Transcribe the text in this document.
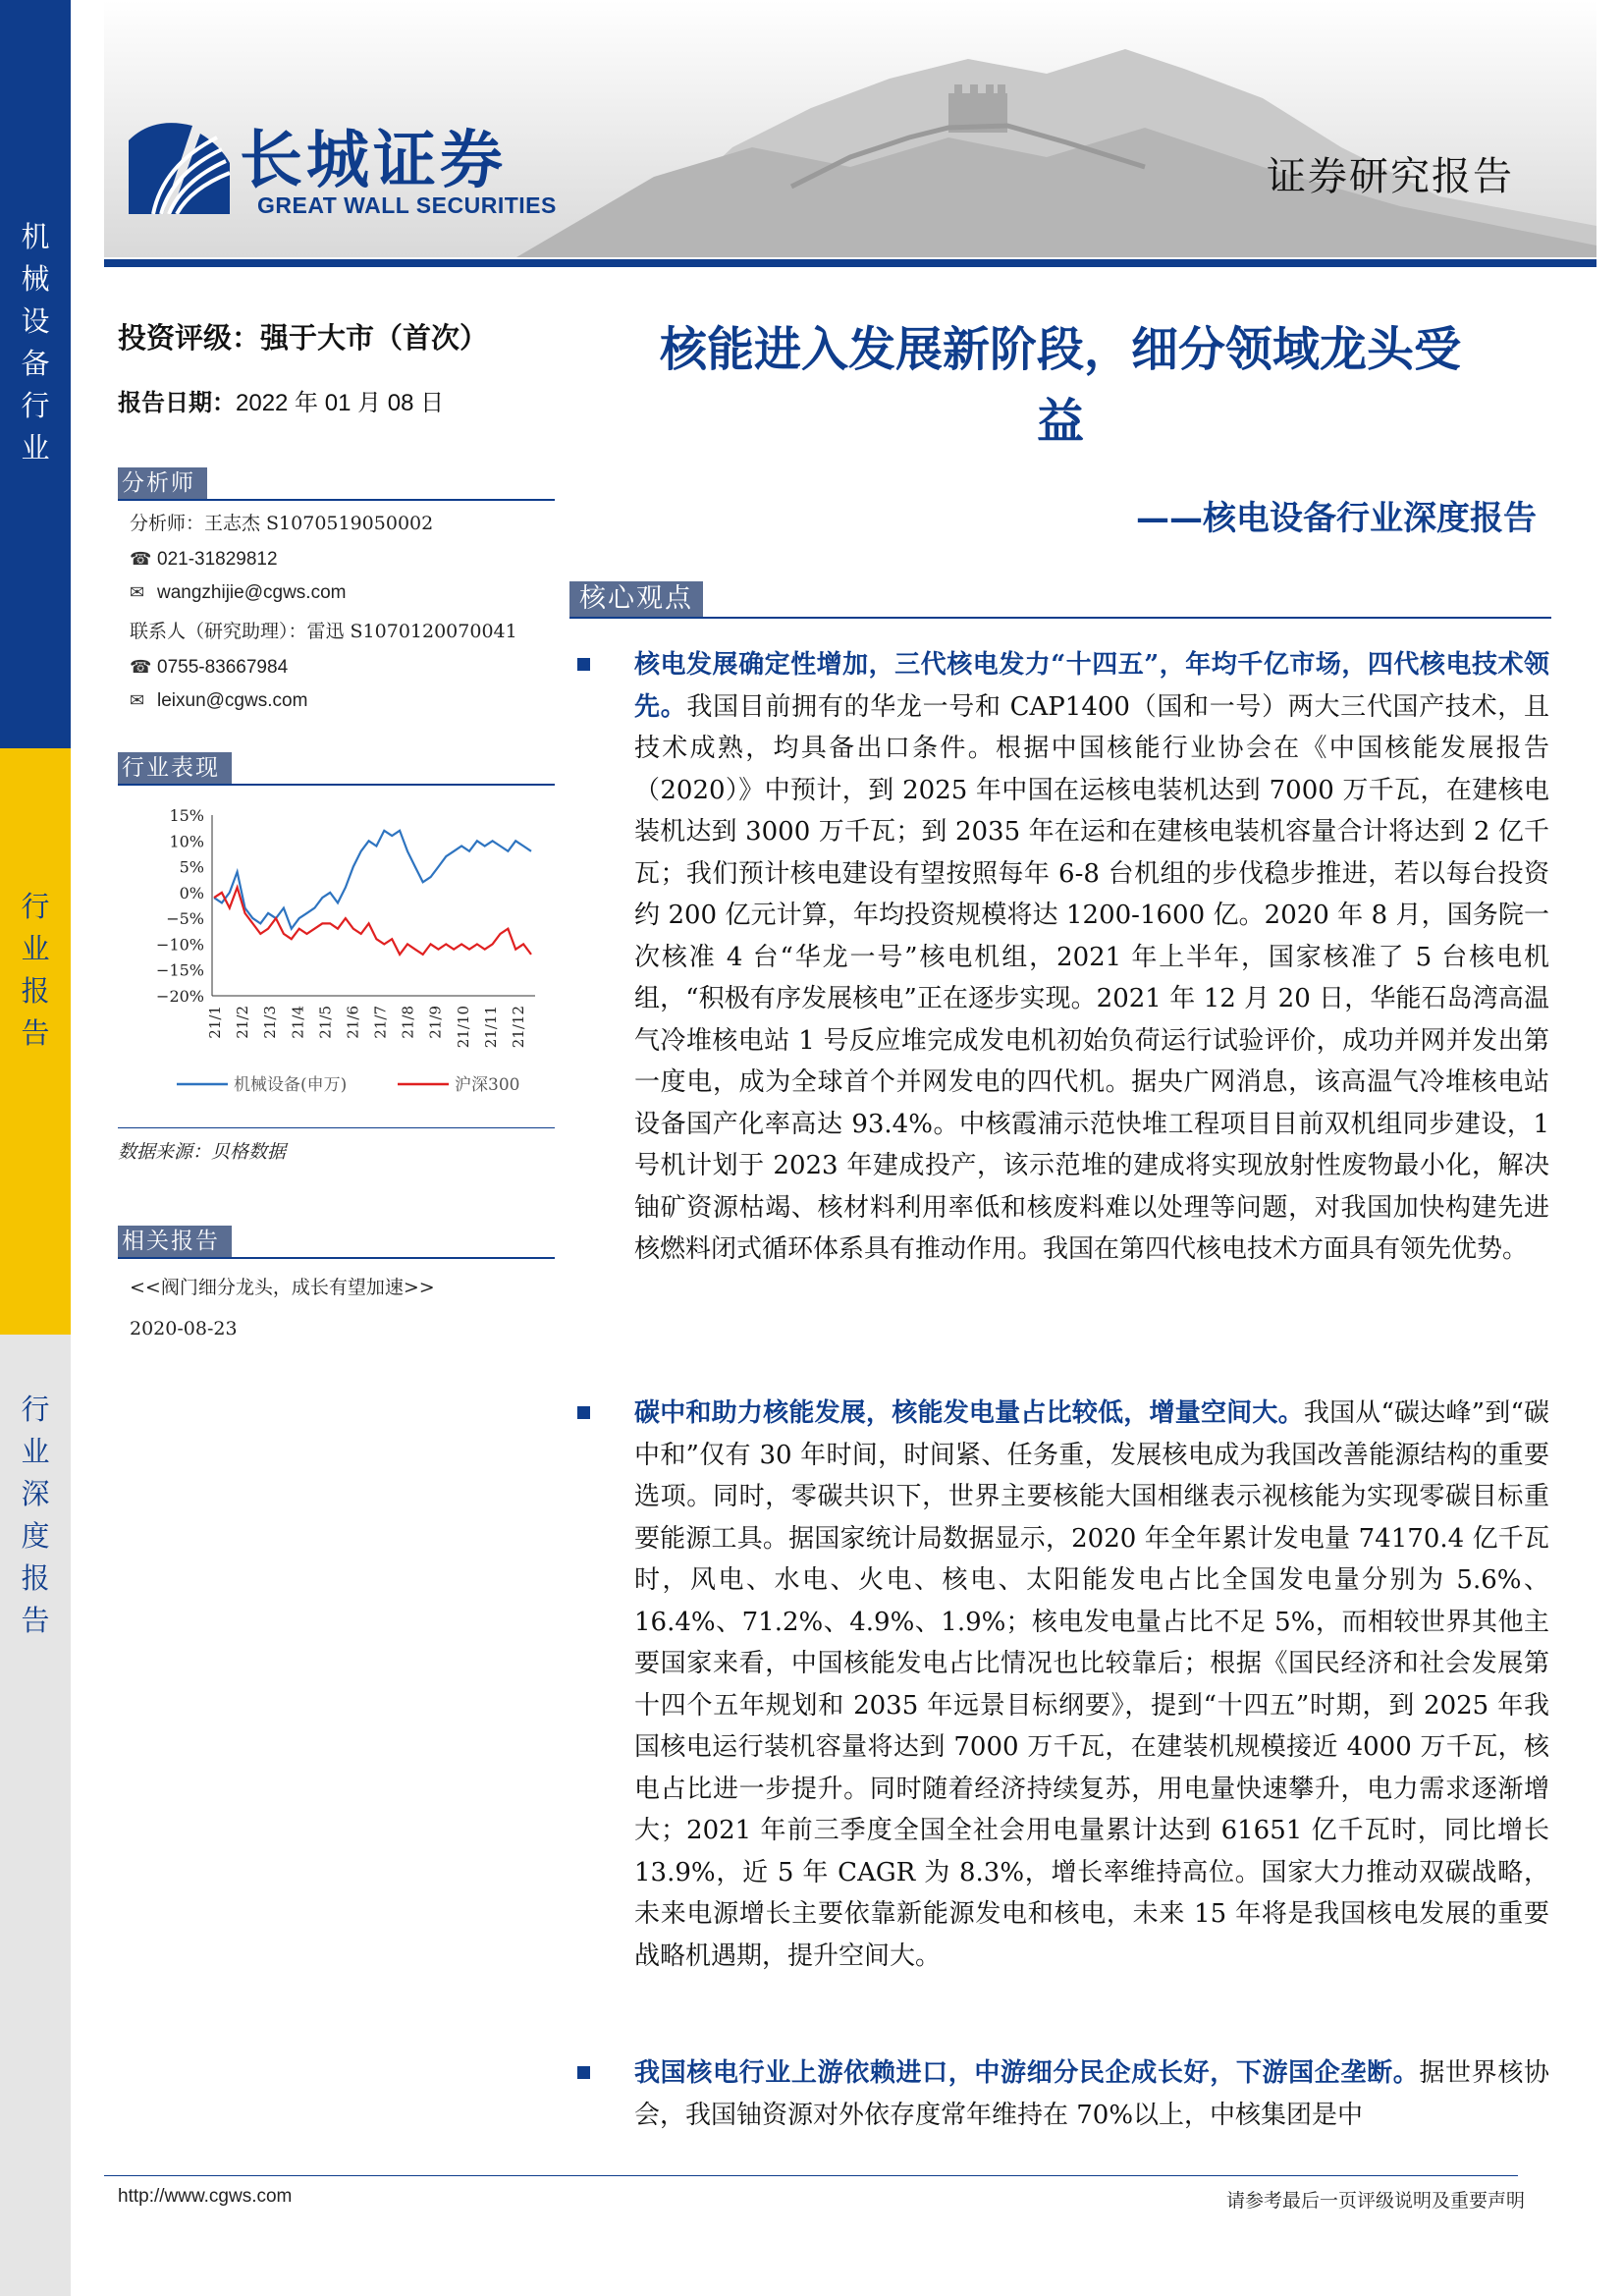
机
械
设
备
行
业
行
业
报
告
行
业
深
度
报
告
长城证券
GREAT WALL SECURITIES
证券研究报告
投资评级：强于大市（首次）
报告日期：2022 年 01 月 08 日
分析师
分析师：王志杰 S1070519050002
☎ 021-31829812
✉ wangzhijie@cgws.com
联系人（研究助理）：雷迅 S1070120070041
☎ 0755-83667984
✉ leixun@cgws.com
行业表现
15%
10%
5%
0%
−5%
−10%
−15%
−20%
21/1 21/2 21/3 21/4 21/5 21/6 21/7 21/8 21/9 21/10 21/11 21/12
机械设备(申万)	沪深300
数据来源：贝格数据
相关报告
<<阀门细分龙头，成长有望加速>>
2020-08-23
核能进入发展新阶段，细分领域龙头受
益
——核电设备行业深度报告
核心观点

核电发展确定性增加，三代核电发力“十四五”，年均千亿市场，四代核电技术领先。我国目前拥有的华龙一号和 CAP1400（国和一号）两大三代国产技术，且技术成熟，均具备出口条件。根据中国核能行业协会在《中国核能发展报告（2020）》中预计，到 2025 年中国在运核电装机达到 7000 万千瓦，在建核电装机达到 3000 万千瓦；到 2035 年在运和在建核电装机容量合计将达到 2 亿千瓦；我们预计核电建设有望按照每年 6-8 台机组的步伐稳步推进，若以每台投资约 200 亿元计算，年均投资规模将达 1200-1600 亿。2020 年 8 月，国务院一次核准 4 台“华龙一号”核电机组，2021 年上半年，国家核准了 5 台核电机组，“积极有序发展核电”正在逐步实现。2021 年 12 月 20 日，华能石岛湾高温气冷堆核电站 1 号反应堆完成发电机初始负荷运行试验评价，成功并网并发出第一度电，成为全球首个并网发电的四代机。据央广网消息，该高温气冷堆核电站设备国产化率高达 93.4%。中核霞浦示范快堆工程项目目前双机组同步建设，1 号机计划于 2023 年建成投产，该示范堆的建成将实现放射性废物最小化，解决铀矿资源枯竭、核材料利用率低和核废料难以处理等问题，对我国加快构建先进核燃料闭式循环体系具有推动作用。我国在第四代核电技术方面具有领先优势。

碳中和助力核能发展，核能发电量占比较低，增量空间大。我国从“碳达峰”到“碳中和”仅有 30 年时间，时间紧、任务重，发展核电成为我国改善能源结构的重要选项。同时，零碳共识下，世界主要核能大国相继表示视核能为实现零碳目标重要能源工具。据国家统计局数据显示，2020 年全年累计发电量 74170.4 亿千瓦时，风电、水电、火电、核电、太阳能发电占比全国发电量分别为 5.6%、16.4%、71.2%、4.9%、1.9%；核电发电量占比不足 5%，而相较世界其他主要国家来看，中国核能发电占比情况也比较靠后；根据《国民经济和社会发展第十四个五年规划和 2035 年远景目标纲要》，提到“十四五”时期，到 2025 年我国核电运行装机容量将达到 7000 万千瓦，在建装机规模接近 4000 万千瓦，核电占比进一步提升。同时随着经济持续复苏，用电量快速攀升，电力需求逐渐增大；2021 年前三季度全国全社会用电量累计达到 61651 亿千瓦时，同比增长 13.9%，近 5 年 CAGR 为 8.3%，增长率维持高位。国家大力推动双碳战略，未来电源增长主要依靠新能源发电和核电，未来 15 年将是我国核电发展的重要战略机遇期，提升空间大。

我国核电行业上游依赖进口，中游细分民企成长好，下游国企垄断。据世界核协会，我国铀资源对外依存度常年维持在 70%以上，中核集团是中

http://www.cgws.com	请参考最后一页评级说明及重要声明
